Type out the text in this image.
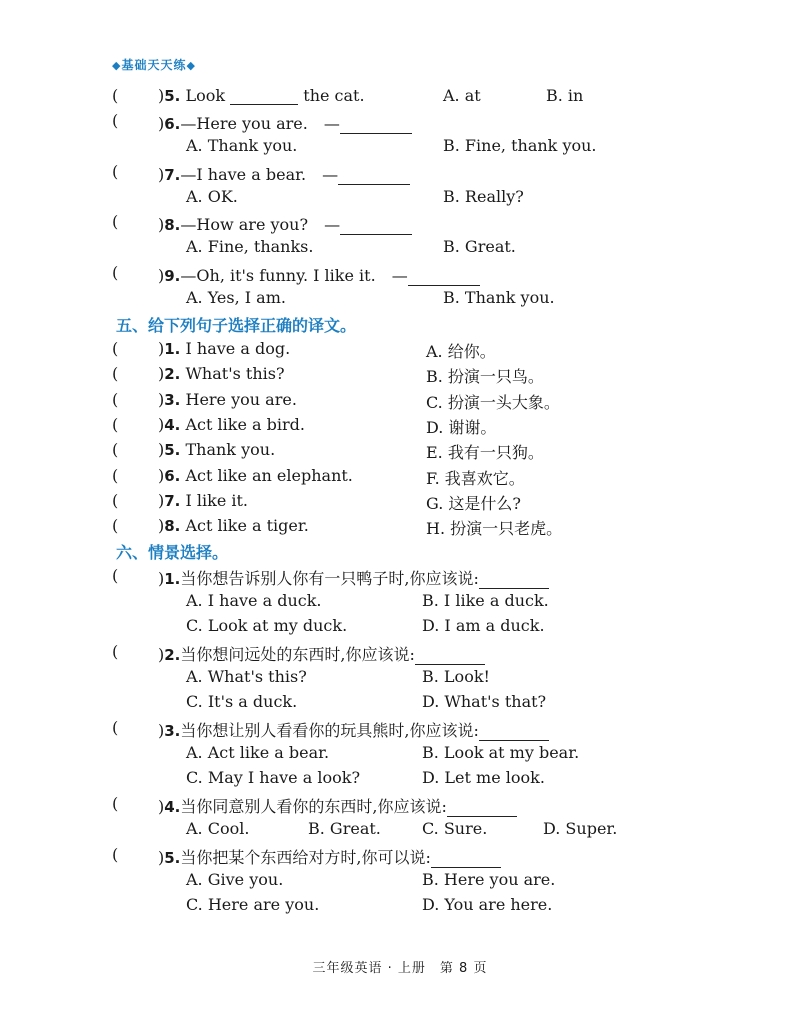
◆基础天天练◆
( )5. Look	the cat.	A. at	B. in
( )6.—Here you are.　 —
A. Thank you.	B. Fine, thank you.
( )7.—I have a bear.　 —
A. OK.	B. Really?
( )8.—How are you?　 —
A. Fine, thanks.	B. Great.
( )9.—Oh, it's funny. I like it.　 —
A. Yes, I am.	B. Thank you.
五、给下列句子选择正确的译文。
( )1. I have a dog.	A. 给你。
( )2. What's this?	B. 扮演一只鸟。
( )3. Here you are.	C. 扮演一头大象。
( )4. Act like a bird.	D. 谢谢。
( )5. Thank you.	E. 我有一只狗。
( )6. Act like an elephant.	F. 我喜欢它。
( )7. I like it.	G. 这是什么?
( )8. Act like a tiger.	H. 扮演一只老虎。
六、情景选择。
( )1.当你想告诉别人你有一只鸭子时,你应该说:
A. I have a duck.	B. I like a duck.
C. Look at my duck.	D. I am a duck.
( )2.当你想问远处的东西时,你应该说:
A. What's this?	B. Look!
C. It's a duck.	D. What's that?
( )3.当你想让别人看看你的玩具熊时,你应该说:
A. Act like a bear.	B. Look at my bear.
C. May I have a look?	D. Let me look.
( )4.当你同意别人看你的东西时,你应该说:
A. Cool.	B. Great.	C. Sure.	D. Super.
( )5.当你把某个东西给对方时,你可以说:
A. Give you.	B. Here you are.
C. Here are you.	D. You are here.
三年级英语 · 上册　第 8 页
